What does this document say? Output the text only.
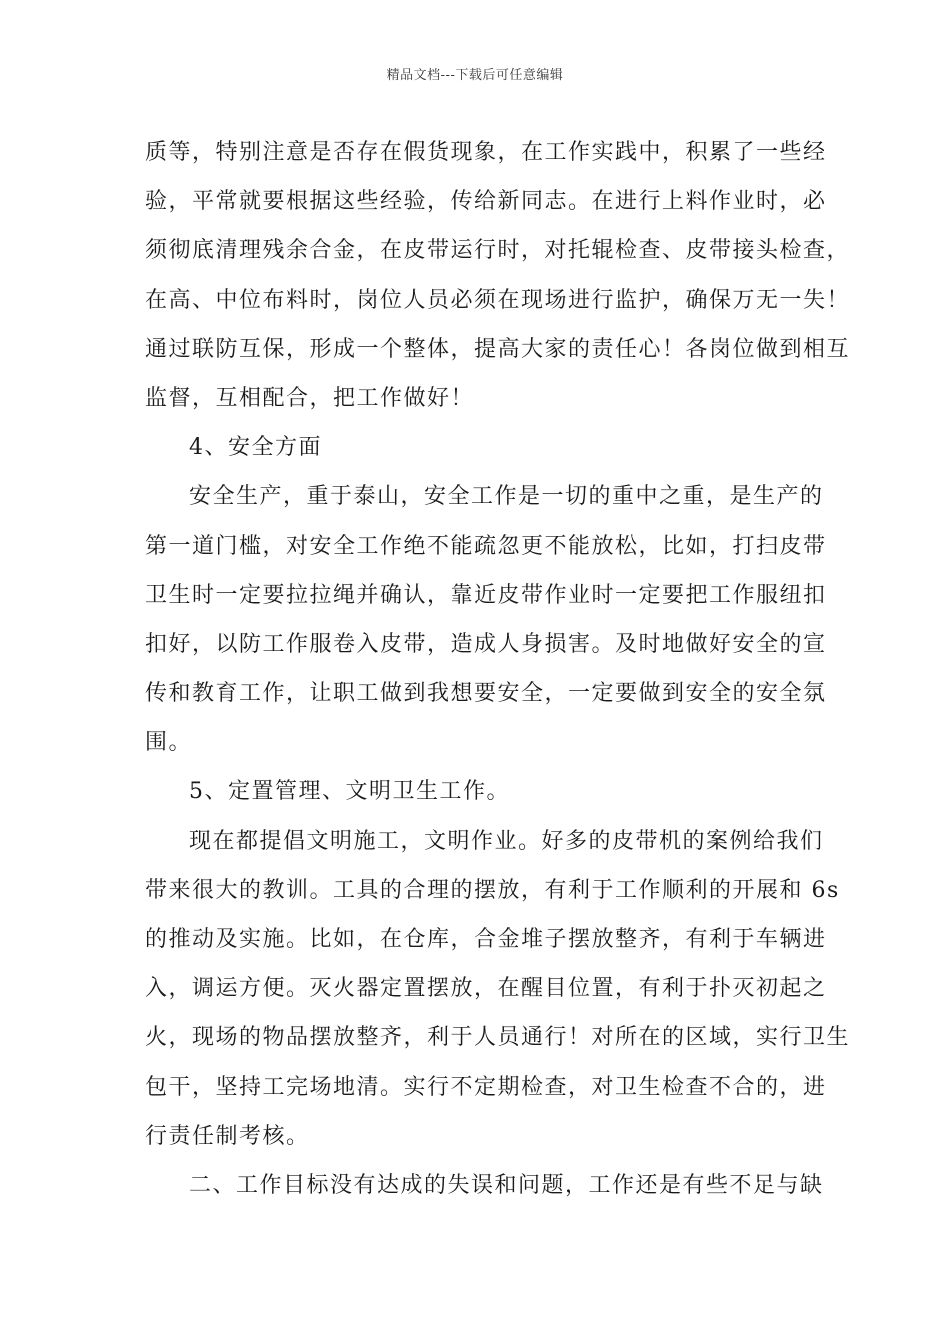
精品文档---下载后可任意编辑
质等，特别注意是否存在假货现象，在工作实践中，积累了一些经
验，平常就要根据这些经验，传给新同志。在进行上料作业时，必
须彻底清理残余合金，在皮带运行时，对托辊检查、皮带接头检查，
在高、中位布料时，岗位人员必须在现场进行监护，确保万无一失！
通过联防互保，形成一个整体，提高大家的责任心！各岗位做到相互
监督，互相配合，把工作做好！
4、安全方面
安全生产，重于泰山，安全工作是一切的重中之重，是生产的
第一道门槛，对安全工作绝不能疏忽更不能放松，比如，打扫皮带
卫生时一定要拉拉绳并确认，靠近皮带作业时一定要把工作服纽扣
扣好，以防工作服卷入皮带，造成人身损害。及时地做好安全的宣
传和教育工作，让职工做到我想要安全，一定要做到安全的安全氛
围。
5、定置管理、文明卫生工作。
现在都提倡文明施工，文明作业。好多的皮带机的案例给我们
带来很大的教训。工具的合理的摆放，有利于工作顺利的开展和 6s
的推动及实施。比如，在仓库，合金堆子摆放整齐，有利于车辆进
入，调运方便。灭火器定置摆放，在醒目位置，有利于扑灭初起之
火，现场的物品摆放整齐，利于人员通行！对所在的区域，实行卫生
包干，坚持工完场地清。实行不定期检查，对卫生检查不合的，进
行责任制考核。
二、工作目标没有达成的失误和问题，工作还是有些不足与缺
